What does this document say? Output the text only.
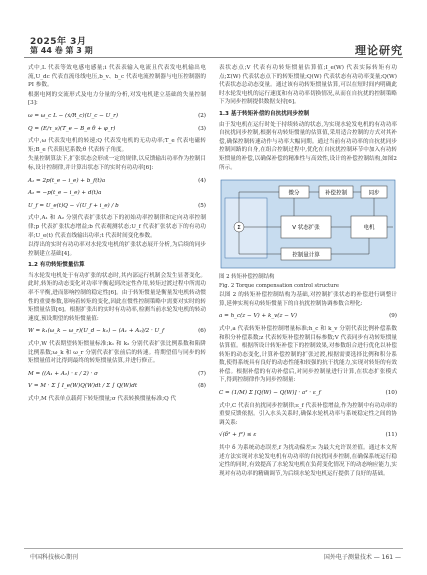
2025年 3月
第 44 卷 第 3 期	理论研究

式中,L 代表等效电感电感量;i 代表表输入电流且代表发电机输出电流,U_dc 代表直流母线电压,b_v、b_c 代表电流控制器与电压控制器的 PI 参数。

根据电网的交流形式及电力分量的分析,对发电机建立基础的失量控制[3]:

ω = ω_c L − (ẋ/R_c)(U_c − U_r)	(2)
Q = (E/τ_s)(T_e − B_e θ + φ_r)	(3)

式中,ω 代表发电机的转速;Q 代表发电机的无功功率;T_e 代表电磁转矩;B_e 代表阻尼系数;θ 代表转子角度。

失量控制算法下,扩张状态会形成一定的规律,以反馈输出功率作为控制目标,设计控制律,并计算出状态下的实时有功功率[6]:

A₁ = 2p(t_e − i_e) + b_f(t)a	(4)
A₂ = −p(t_e − i_e) + d(t)a
U_f = U_e(t)Q − √(U_f + i_e) / b	(5)

式中,A₁ 和 A₂ 分别代表扩张状态下的初始功率控制律和定向功率控制律;p 代表扩张状态增益;b 代表观测状态;U_f 代表扩张状态下的有功功率;U_e(t) 代表直线输出功率;t 代表时间变化参数。

以得出的实时有功功率对水轮发电机的扩张状态展开分析,为后续的同步控制建立基础[4]。

1.2 有功转矩惯量估算

当水轮发电机处于有功扩张的状态时,其内部运行机制会发生显著变化。此时,转矩的动态变化对功率平衡起到决定性作用,转矩过渡过程中所需功率不平衡,进而影响控制的稳定性[6]。由于转矩惯量是衡量发电机转动惯性的重要参数,影响着转矩的变化,因此在惯性控制策略中需要对实时的转矩惯量估算[6]。根据扩张出的实时有功功率,检测当前水轮发电机的转动速度,预设期望的转矩惯量值:

W = k₁(ω_k − ω_r)(U_d − k₂) − (A₁ + A₂)/2 · U_f	(6)

式中,W 代表期望转矩惯量标准;k₁ 和 k₂ 分别代表扩张比例系数和陷阱比例系数;ω_k 和 ω_r 分别代表扩张前后的转速。将期望值与同步的转矩惯量值对比得到最终的转矩惯量估算,并进行修正。

M = ((A₁ + A₂) · ε / 2) · σ	(7)
V = M · Σ ∫ I_e(W)Q(W)dt / Σ ∫ Q(W)dt	(8)

式中,M 代表单点载荷下转矩惯量;σ 代表转换惯量标准;Q 代

表状态点;V 代表有功转矩惯量估算值;I_e(W) 代表实际转矩有功点;Σ(W) 代表状态点下的转矩惯量;Q(W) 代表状态有功功率变量;Q(W) 代表状态总动态变量。通过该有功转矩惯量估算,可以在短时间内明确此时水轮发电机的运行速度和有功功率切换情况,从而在自抗扰的控制策略下为同步控制提供数据支持[6]。

1.3 基于转矩补偿的自抗扰同步控制

由于发电机在运行时处于持续转动的状态,为实现水轮发电机的有功功率自抗扰同步控制,根据有功转矩惯量的估算值,采用适合控制的方式对其补偿,确保控制转速动作与功率大幅同期。通过当前有功功率的自抗扰同步控制回路的自身,在组合控制过程中,优化在自抗扰控制环节中加入有功转矩惯量的补偿,以确保补偿的精准性与高效性,设计的补偿控制结构,如图2所示。

微分	补偿控制	同步
V 状态扩张	电机
控制量计算
Σ

图 2 转矩补偿控制结构

Fig. 2 Torque compensation control structure

以图 2 的转矩补偿控制结构为基础,对控制扩张状态的补偿进行调整计算,延伸实现有功转矩惯量下的自抗扰控制协调参数合理化:

a = h_c(z − V) + k_v(z − V)	(9)

式中,a 代表转矩补偿控制增量标准;h_c 和 k_v 分别代表比例补偿系数和积分补偿系数;z 代表转矩补偿控制目标参数;V 代表同步有功转矩惯量估算值。根据所设计转矩补偿下的控制效果,对参数组合进行优化以补偿转矩的动态变化,计算补偿控制的扩张过渡,根据需要选择比例和积分系数,使得系统具有良好的动态性能和较强的抗干扰能力,实现对转矩的有效补偿。根据补偿的有功补偿后,对同步控制量进行计算,在状态扩张模式下,得到控制律作为同步控制量:

C = (1/M) Σ [Q(W) − Q(W)] · a² · ε_f	(10)

式中,C 代表自抗扰同步控制律;ε_f 代表补偿增益,作为控制中有功功率的重要反馈依据。引入水头关系时,确保水轮机功率与系统稳定性之间的协调关系:

√(δ² + f²) ≤ ε	(11)

其中 δ 为系统动态误差,f 为扰动偏差;ε 为最大允许误差值。通过本文所述方法实现对水轮发电机有功功率的自抗扰同步控制,在确保系统运行稳定性的同时,有效提高了水轮发电机在负荷变化情况下的动态响应能力,实现对有功功率的精确调节,为后续水轮发电机运行提供了良好的基础。

中国科技核心期刊	国外电子测量技术 — 161 —
